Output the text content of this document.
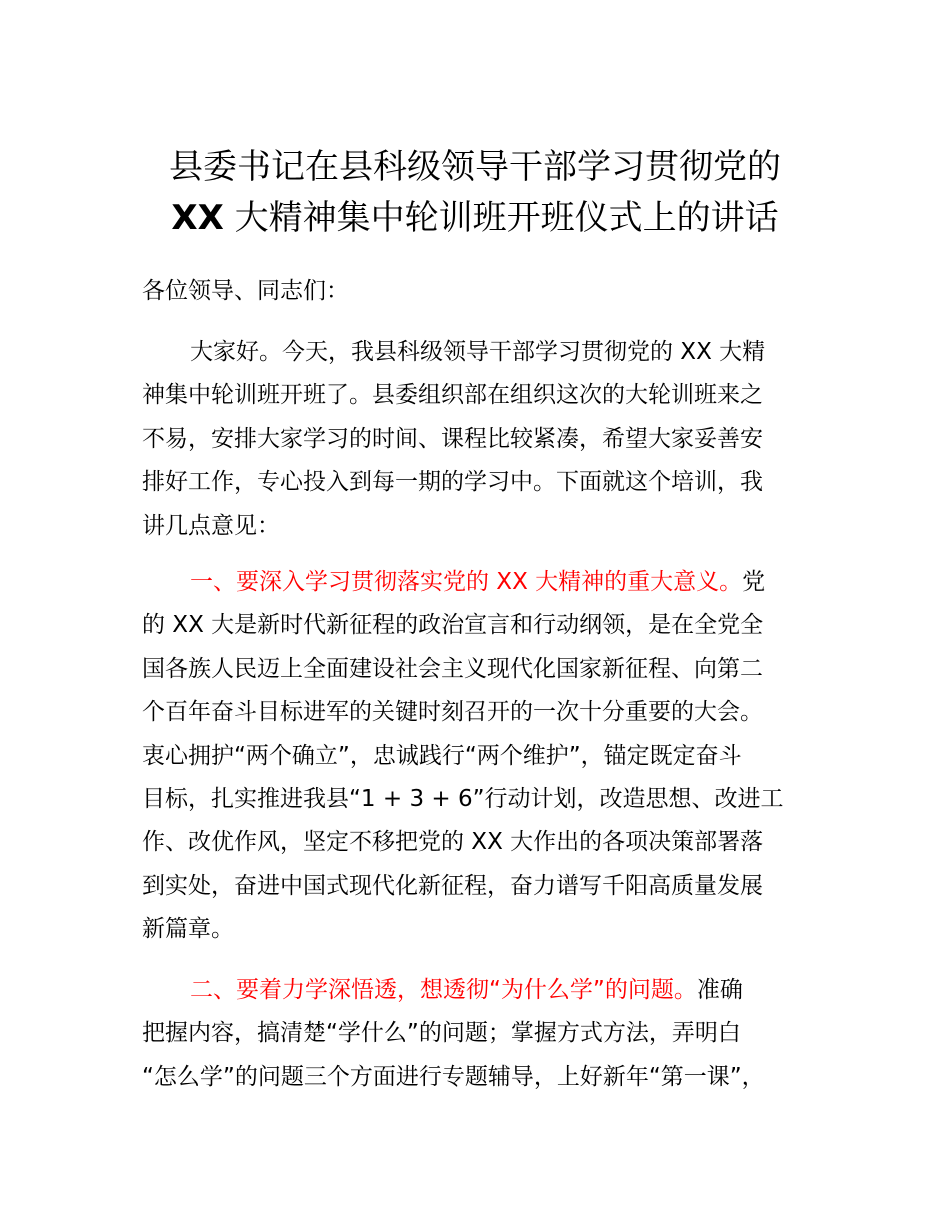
县委书记在县科级领导干部学习贯彻党的
XX 大精神集中轮训班开班仪式上的讲话
各位领导、同志们：
大家好。今天，我县科级领导干部学习贯彻党的 XX 大精
神集中轮训班开班了。县委组织部在组织这次的大轮训班来之
不易，安排大家学习的时间、课程比较紧凑，希望大家妥善安
排好工作，专心投入到每一期的学习中。下面就这个培训，我
讲几点意见：
一、要深入学习贯彻落实党的 XX 大精神的重大意义。党
的 XX 大是新时代新征程的政治宣言和行动纲领，是在全党全
国各族人民迈上全面建设社会主义现代化国家新征程、向第二
个百年奋斗目标进军的关键时刻召开的一次十分重要的大会。
衷心拥护“两个确立”，忠诚践行“两个维护”，锚定既定奋斗
目标，扎实推进我县“1 + 3 + 6”行动计划，改造思想、改进工
作、改优作风，坚定不移把党的 XX 大作出的各项决策部署落
到实处，奋进中国式现代化新征程，奋力谱写千阳高质量发展
新篇章。
二、要着力学深悟透，想透彻“为什么学”的问题。准确
把握内容，搞清楚“学什么”的问题；掌握方式方法，弄明白
“怎么学”的问题三个方面进行专题辅导，上好新年“第一课”，
